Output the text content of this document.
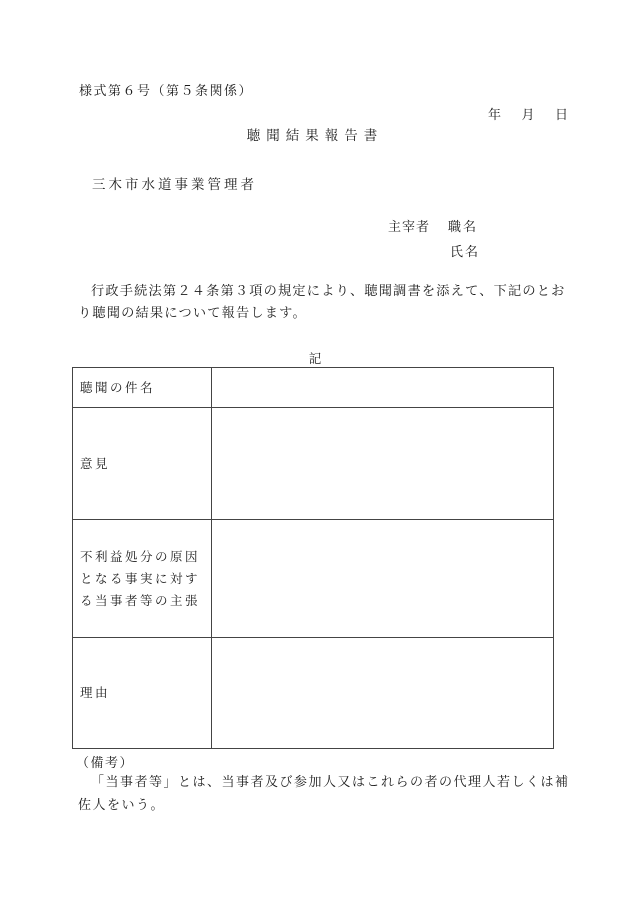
様式第６号（第５条関係）
年 月 日
聴聞結果報告書
三木市水道事業管理者
主宰者	職名
氏名
行政手続法第２４条第３項の規定により、聴聞調書を添えて、下記のとおり聴聞の結果について報告します。
記
聴聞の件名	
意見	
不利益処分の原因となる事実に対する当事者等の主張	
理由	
（備考）
「当事者等」とは、当事者及び参加人又はこれらの者の代理人若しくは補佐人をいう。
